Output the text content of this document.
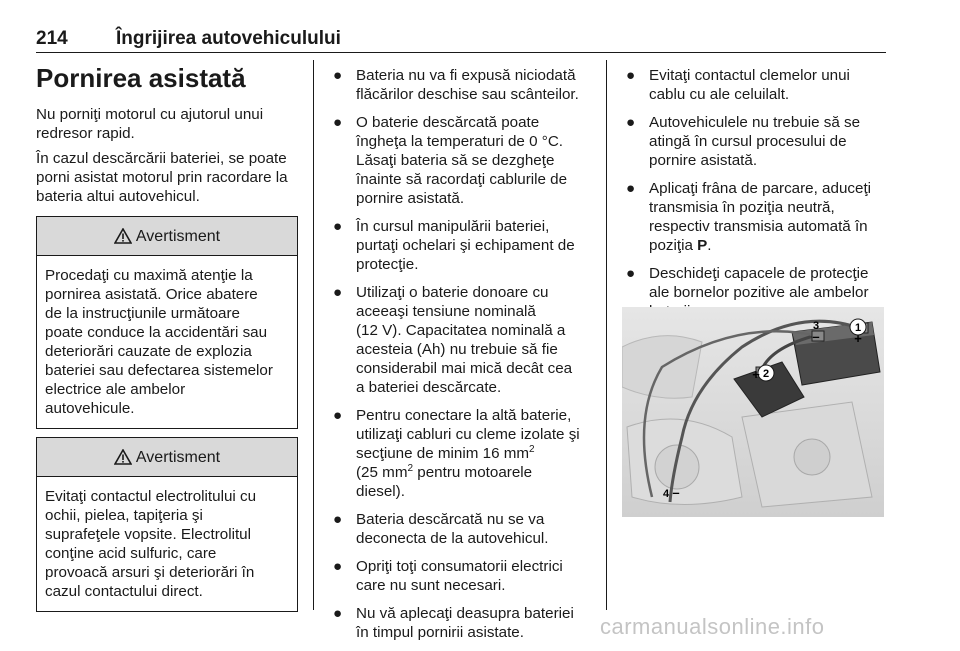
214	Îngrijirea autovehiculului
Pornirea asistată

Nu porniţi motorul cu ajutorul unui
redresor rapid.

În cazul descărcării bateriei, se poate
porni asistat motorul prin racordare la
bateria altui autovehicul.

Avertisment
Procedaţi cu maximă atenţie la
pornirea asistată. Orice abatere
de la instrucţiunile următoare
poate conduce la accidentări sau
deteriorări cauzate de explozia
bateriei sau defectarea sistemelor
electrice ale ambelor
autovehicule.
Avertisment
Evitaţi contactul electrolitului cu
ochii, pielea, tapiţeria şi
suprafeţele vopsite. Electrolitul
conţine acid sulfuric, care
provoacă arsuri şi deteriorări în
cazul contactului direct.
● Bateria nu va fi expusă niciodată
flăcărilor deschise sau scânteilor.
● O baterie descărcată poate
îngheţa la temperaturi de 0 °C.
Lăsaţi bateria să se dezgheţe
înainte să racordaţi cablurile de
pornire asistată.
● În cursul manipulării bateriei,
purtaţi ochelari şi echipament de
protecţie.
● Utilizaţi o baterie donoare cu
aceeaşi tensiune nominală
(12 V). Capacitatea nominală a
acesteia (Ah) nu trebuie să fie
considerabil mai mică decât cea
a bateriei descărcate.
● Pentru conectare la altă baterie,
utilizaţi cabluri cu cleme izolate şi
secţiune de minim 16 $mm^2$
(25 $mm^2$ pentru motoarele
diesel).
● Bateria descărcată nu se va
deconecta de la autovehicul.
● Opriţi toţi consumatorii electrici
care nu sunt necesari.
● Nu vă aplecaţi deasupra bateriei
în timpul pornirii asistate.
● Evitaţi contactul clemelor unui
cablu cu ale celuilalt.
● Autovehiculele nu trebuie să se
atingă în cursul procesului de
pornire asistată.
● Aplicaţi frâna de parcare, aduceţi
transmisia în poziţia neutră,
respectiv transmisia automată în
poziţia P.
● Deschideţi capacele de protecţie
ale bornelor pozitive ale ambelor
1
+
2
+
3
–
4 –
carmanualsonline.info
